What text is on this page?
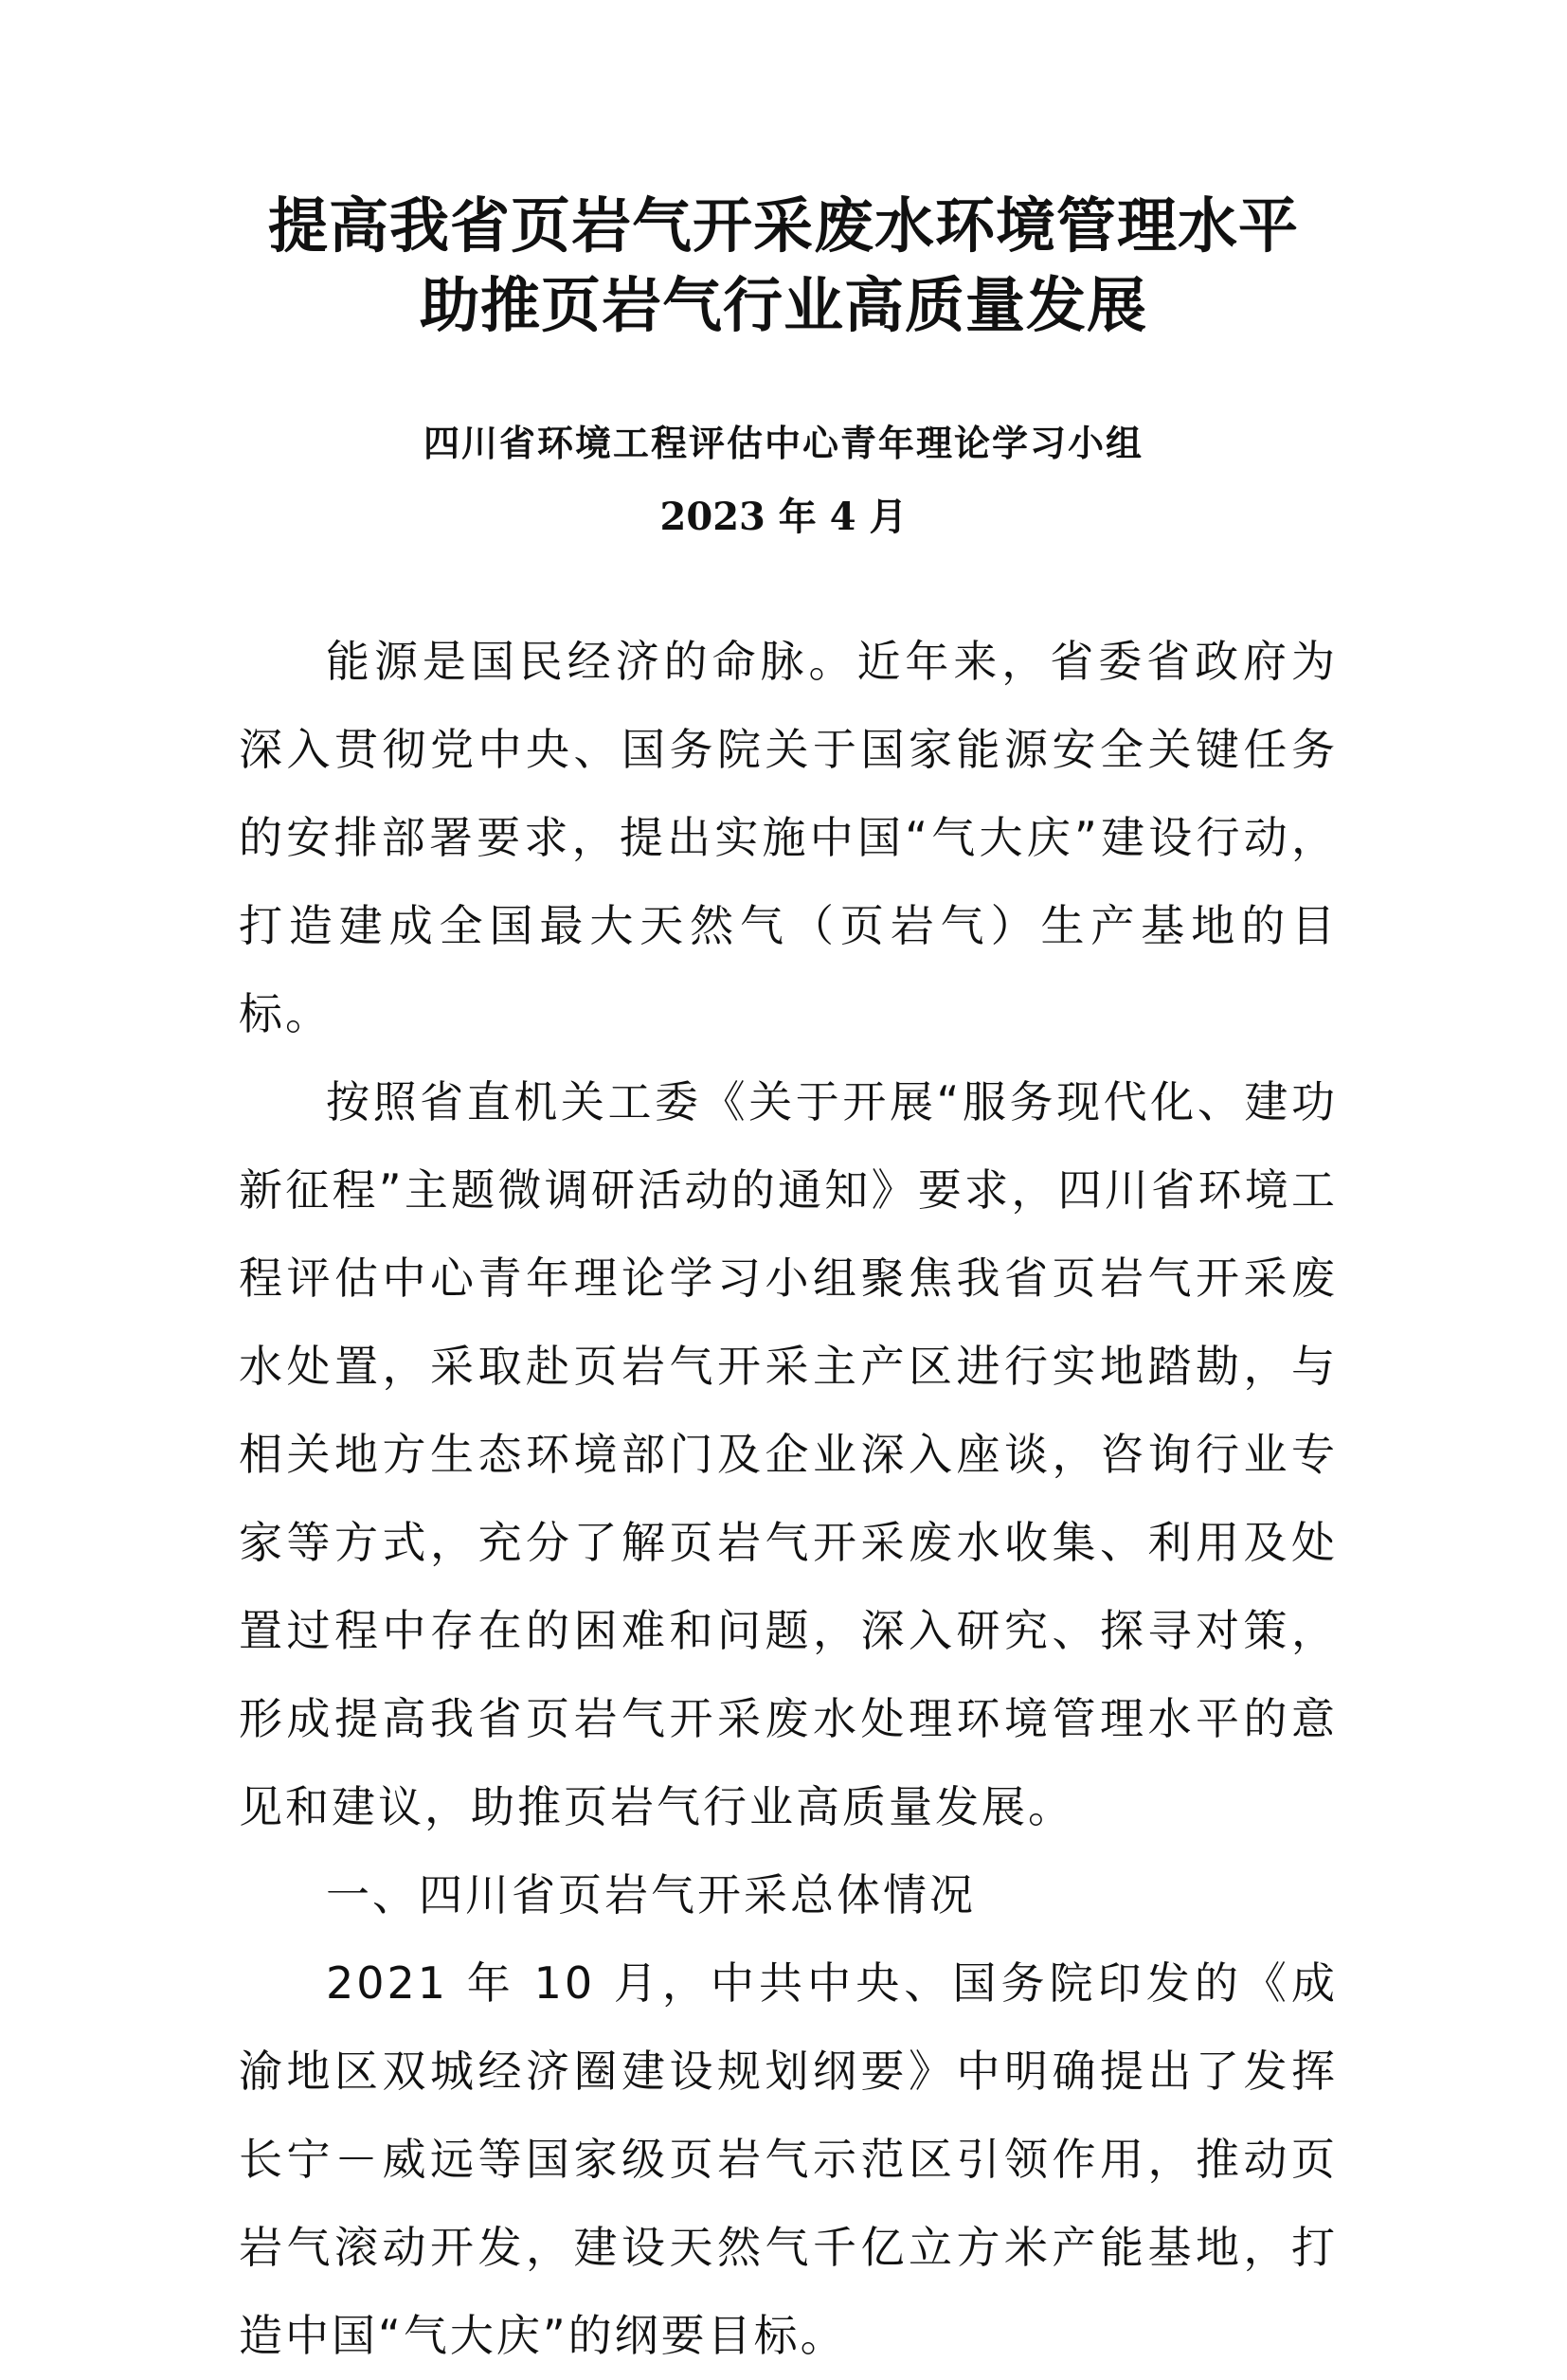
提高我省页岩气开采废水环境管理水平
助推页岩气行业高质量发展
四川省环境工程评估中心青年理论学习小组
2023 年 4 月

能源是国民经济的命脉。近年来，省委省政府为深入贯彻党中央、国务院关于国家能源安全关键任务的安排部署要求，提出实施中国“气大庆”建设行动，打造建成全国最大天然气（页岩气）生产基地的目标。

按照省直机关工委《关于开展“服务现代化、建功新征程”主题微调研活动的通知》要求，四川省环境工程评估中心青年理论学习小组聚焦我省页岩气开采废水处置，采取赴页岩气开采主产区进行实地踏勘，与相关地方生态环境部门及企业深入座谈，咨询行业专家等方式，充分了解页岩气开采废水收集、利用及处置过程中存在的困难和问题，深入研究、探寻对策，形成提高我省页岩气开采废水处理环境管理水平的意见和建议，助推页岩气行业高质量发展。

一、四川省页岩气开采总体情况

2021 年 10 月，中共中央、国务院印发的《成渝地区双城经济圈建设规划纲要》中明确提出了发挥长宁－威远等国家级页岩气示范区引领作用，推动页岩气滚动开发，建设天然气千亿立方米产能基地，打造中国“气大庆”的纲要目标。
